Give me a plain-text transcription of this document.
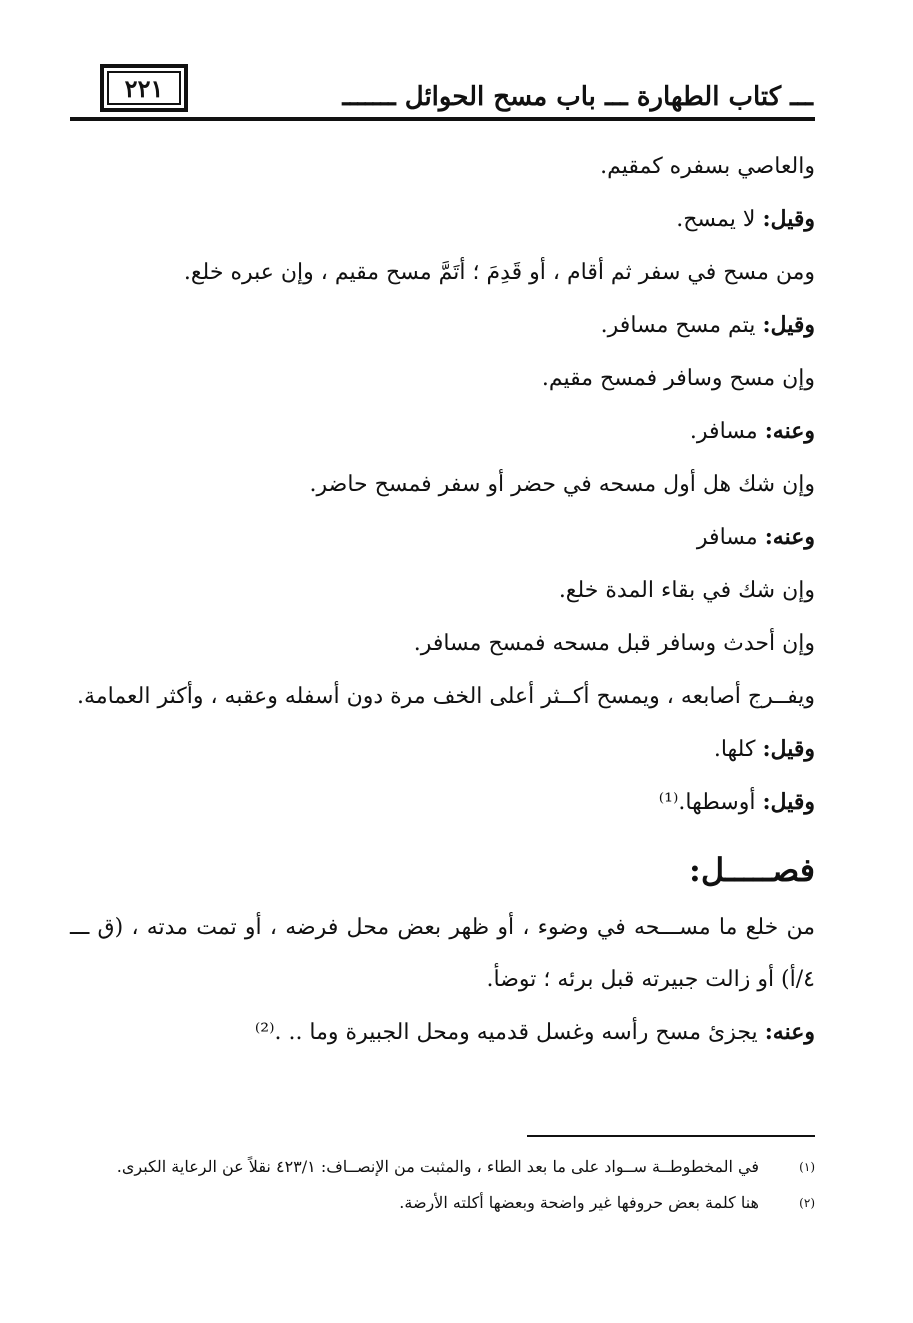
٢٢١	ـــ كتاب الطهارة ـــ باب مسح الحوائل ـــــــ
والعاصي بسفره كمقيم.
وقيل: لا يمسح.
ومن مسح في سفر ثم أقام ، أو قَدِمَ ؛ أتَمَّ مسح مقيم ، وإن عبره خلع.
وقيل: يتم مسح مسافر.
وإن مسح وسافر فمسح مقيم.
وعنه: مسافر.
وإن شك هل أول مسحه في حضر أو سفر فمسح حاضر.
وعنه: مسافر
وإن شك في بقاء المدة خلع.
وإن أحدث وسافر قبل مسحه فمسح مسافر.
ويفــرج أصابعه ، ويمسح أكــثر أعلى الخف مرة دون أسفله وعقبه ، وأكثر العمامة.
وقيل: كلها.
وقيل: أوسطها.⁽¹⁾
فصـــــل:
من خلع ما مســـحه في وضوء ، أو ظهر بعض محل فرضه ، أو تمت مدته ، (ق ـــ ٤/أ) أو زالت جبيرته قبل برئه ؛ توضأ.
وعنه: يجزئ مسح رأسه وغسل قدميه ومحل الجبيرة وما .. .⁽²⁾
(١)
في المخطوطــة ســواد على ما بعد الطاء ، والمثبت من الإنصــاف: ٤٢٣/١ نقلاً عن الرعاية الكبرى.
(٢)
هنا كلمة بعض حروفها غير واضحة وبعضها أكلته الأرضة.
